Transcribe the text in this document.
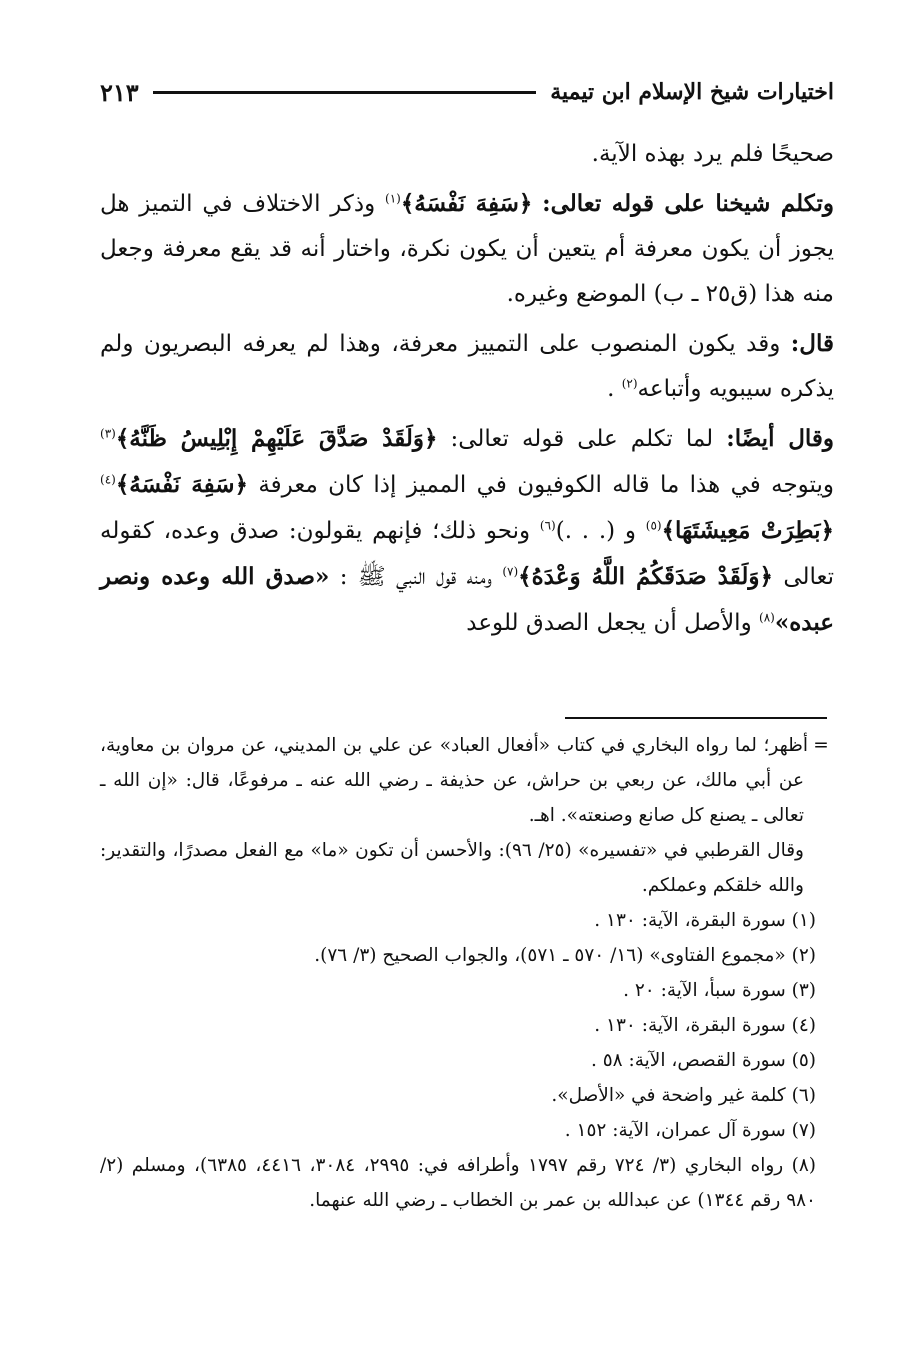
اختيارات شيخ الإسلام ابن تيمية
٢١٣

صحيحًا فلم يرد بهذه الآية.

وتكلم شيخنا على قوله تعالى: ﴿سَفِهَ نَفْسَهُ﴾$^{(١)}$ وذكر الاختلاف في التميز هل يجوز أن يكون معرفة أم يتعين أن يكون نكرة، واختار أنه قد يقع معرفة وجعل منه هذا (ق٢٥ ـ ب) الموضع وغيره.

قال: وقد يكون المنصوب على التمييز معرفة، وهذا لم يعرفه البصريون ولم يذكره سيبويه وأتباعه$^{(٢)}$ .

وقال أيضًا: لما تكلم على قوله تعالى: ﴿وَلَقَدْ صَدَّقَ عَلَيْهِمْ إِبْلِيسُ ظَنَّهُ﴾$^{(٣)}$ ويتوجه في هذا ما قاله الكوفيون في المميز إذا كان معرفة ﴿سَفِهَ نَفْسَهُ﴾$^{(٤)}$ ﴿بَطِرَتْ مَعِيشَتَهَا﴾$^{(٥)}$ و (. . .)$^{(٦)}$ ونحو ذلك؛ فإنهم يقولون: صدق وعده، كقوله تعالى ﴿وَلَقَدْ صَدَقَكُمُ اللَّهُ وَعْدَهُ﴾$^{(٧)}$ ومنه قول النبي ﷺ : «صدق الله وعده ونصر عبده»$^{(٨)}$ والأصل أن يجعل الصدق للوعد

=أظهر؛ لما رواه البخاري في كتاب «أفعال العباد» عن علي بن المديني، عن مروان بن معاوية، عن أبي مالك، عن ربعي بن حراش، عن حذيفة ـ رضي الله عنه ـ مرفوعًا، قال: «إن الله ـ تعالى ـ يصنع كل صانع وصنعته». اهـ.

وقال القرطبي في «تفسيره» (٢٥/ ٩٦): والأحسن أن تكون «ما» مع الفعل مصدرًا، والتقدير: والله خلقكم وعملكم.

(١) سورة البقرة، الآية: ١٣٠ .

(٢) «مجموع الفتاوى» (١٦/ ٥٧٠ ـ ٥٧١)، والجواب الصحيح (٣/ ٧٦).

(٣) سورة سبأ، الآية: ٢٠ .

(٤) سورة البقرة، الآية: ١٣٠ .

(٥) سورة القصص، الآية: ٥٨ .

(٦) كلمة غير واضحة في «الأصل».

(٧) سورة آل عمران، الآية: ١٥٢ .

(٨) رواه البخاري (٣/ ٧٢٤ رقم ١٧٩٧ وأطرافه في: ٢٩٩٥، ٣٠٨٤، ٤٤١٦، ٦٣٨٥)، ومسلم (٢/ ٩٨٠ رقم ١٣٤٤) عن عبدالله بن عمر بن الخطاب ـ رضي الله عنهما.
